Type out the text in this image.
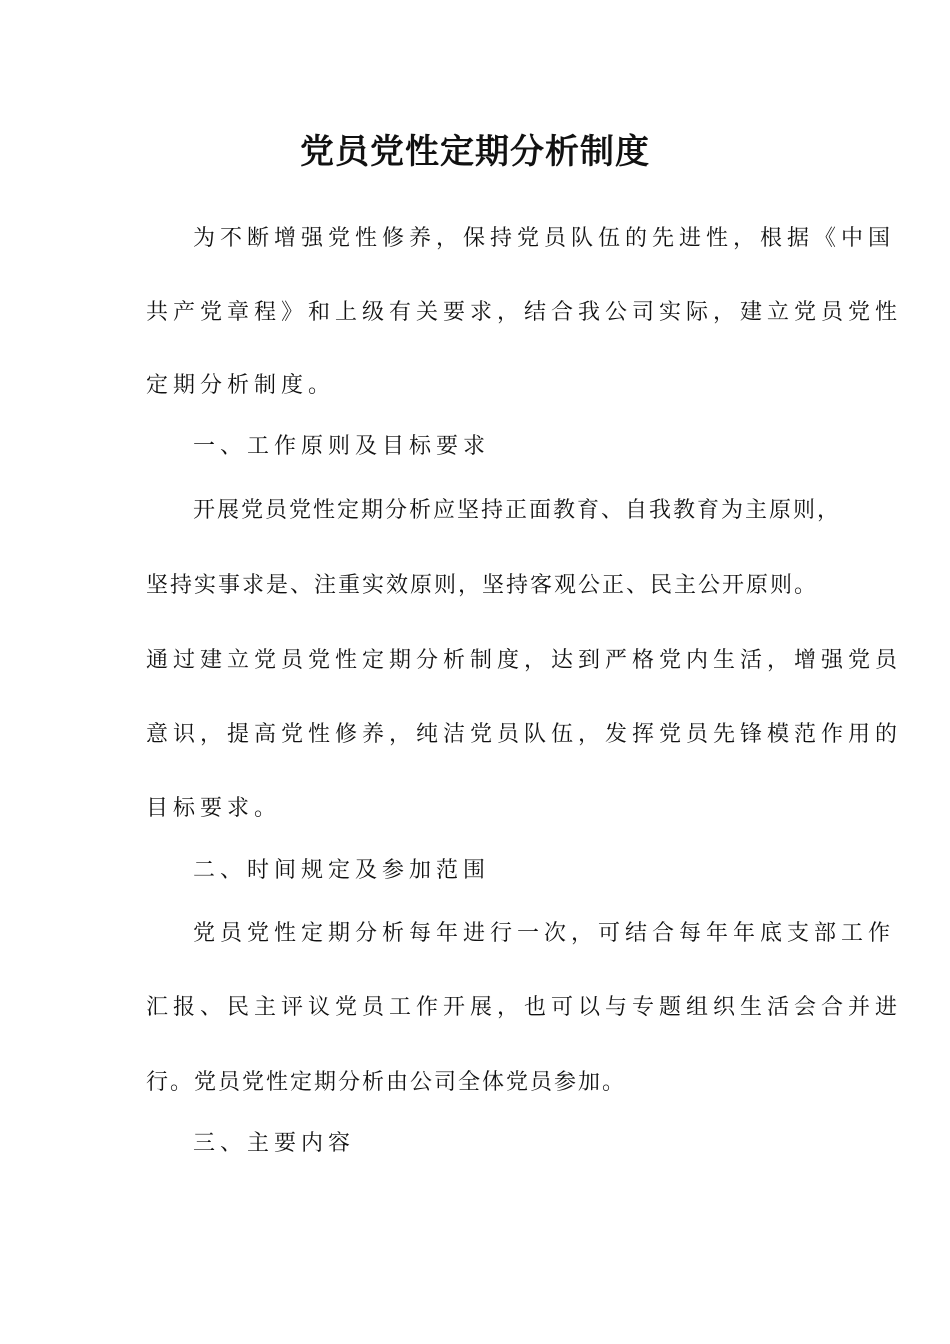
党员党性定期分析制度
为不断增强党性修养，保持党员队伍的先进性，根据《中国
共产党章程》和上级有关要求，结合我公司实际，建立党员党性
定期分析制度。
一、工作原则及目标要求
开展党员党性定期分析应坚持正面教育、自我教育为主原则，
坚持实事求是、注重实效原则，坚持客观公正、民主公开原则。
通过建立党员党性定期分析制度，达到严格党内生活，增强党员
意识，提高党性修养，纯洁党员队伍，发挥党员先锋模范作用的
目标要求。
二、时间规定及参加范围
党员党性定期分析每年进行一次，可结合每年年底支部工作
汇报、民主评议党员工作开展，也可以与专题组织生活会合并进
行。党员党性定期分析由公司全体党员参加。
三、主要内容
